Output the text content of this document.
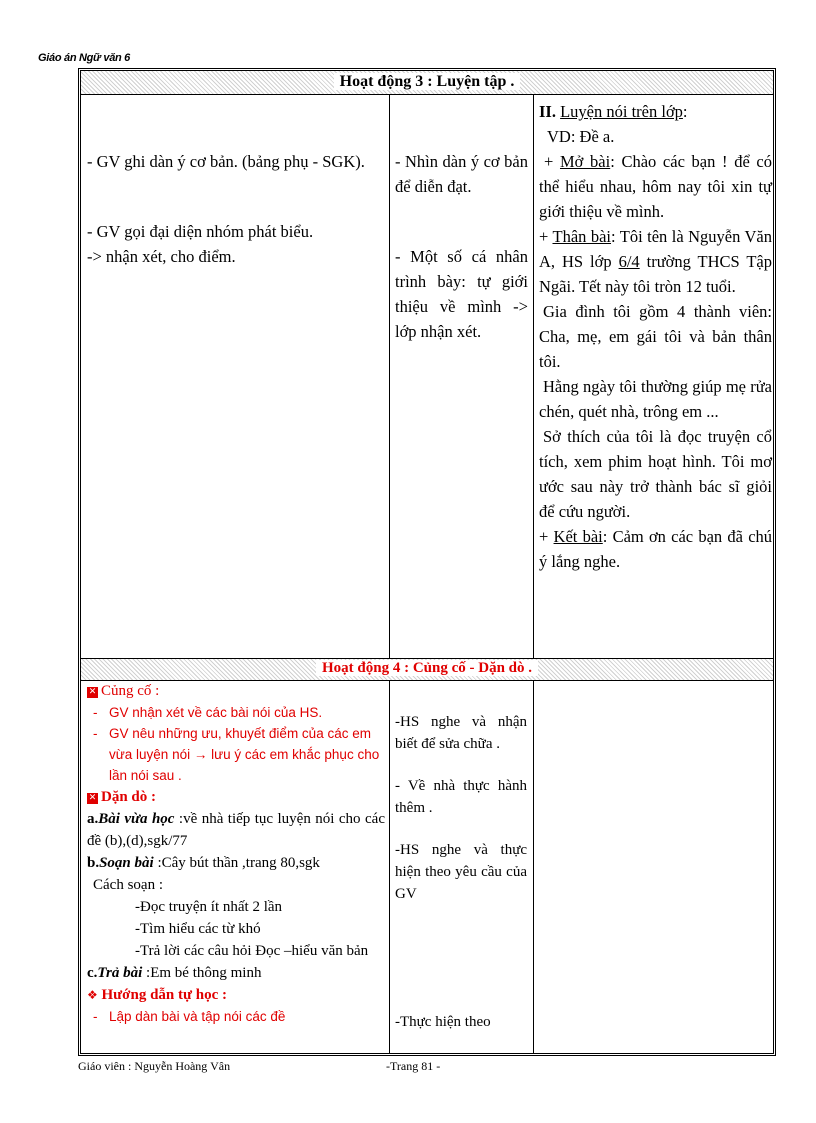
Giáo án Ngữ văn 6
Hoạt động 3 : Luyện tập .

- GV ghi dàn ý cơ bản. (bảng phụ - SGK).

- GV gọi đại diện nhóm phát biểu.

-> nhận xét, cho điểm.

- Nhìn dàn ý cơ bản để diễn đạt.

- Một số cá nhân trình bày: tự giới thiệu về mình -> lớp nhận xét.

II. Luyện nói trên lớp:

VD: Đề a.

+ Mở bài: Chào các bạn ! để có thể hiểu nhau, hôm nay tôi xin tự giới thiệu về mình.

+ Thân bài: Tôi tên là Nguyễn Văn A, HS lớp 6/4 trường THCS Tập Ngãi. Tết này tôi tròn 12 tuổi.

Gia đình tôi gồm 4 thành viên: Cha, mẹ, em gái tôi và bản thân tôi.

Hằng ngày tôi thường giúp mẹ rửa chén, quét nhà, trông em ...

Sở thích của tôi là đọc truyện cổ tích, xem phim hoạt hình. Tôi mơ ước sau này trở thành bác sĩ giỏi để cứu người.

+ Kết bài: Cảm ơn các bạn đã chú ý lắng nghe.

Hoạt động 4 : Củng cố - Dặn dò .

✕ Củng cố :

- GV nhận xét về các bài nói của HS.
- GV nêu những ưu, khuyết điểm của các em vừa luyện nói → lưu ý các em khắc phục cho lần nói sau .

✕ Dặn dò :

a.Bài vừa học :về nhà tiếp tục luyện nói cho các đề (b),(d),sgk/77

b.Soạn bài :Cây bút thần ,trang 80,sgk

Cách soạn :

-Đọc truyện ít nhất 2 lần

-Tìm hiểu các từ khó

-Trả lời các câu hỏi Đọc –hiểu văn bản

c.Trả bài :Em bé thông minh

❖ Hướng dẫn tự học :

- Lập dàn bài và tập nói các đề

-HS nghe và nhận biết để sửa chữa .

- Về nhà thực hành thêm .

-HS nghe và thực hiện theo yêu cầu của GV

-Thực hiện theo

Giáo viên : Nguyễn Hoàng Vân	-Trang 81 -
